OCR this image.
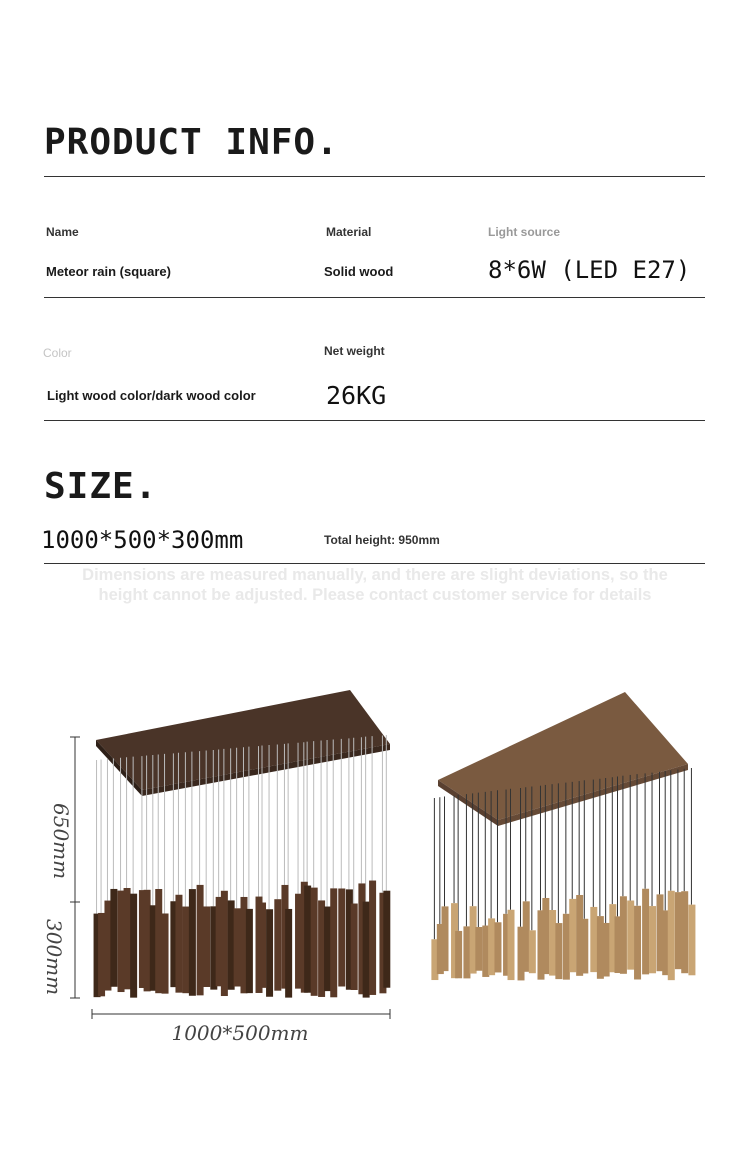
PRODUCT INFO.
Name	Material	Light source
Meteor rain (square)	Solid wood	8*6W (LED E27)
Color	Net weight
Light wood color/dark wood color	26KG
SIZE.
1000*500*300mm	Total height: 950mm
Dimensions are measured manually, and there are slight deviations, so the
height cannot be adjusted. Please contact customer service for details
650mm
300mm
1000*500mm
